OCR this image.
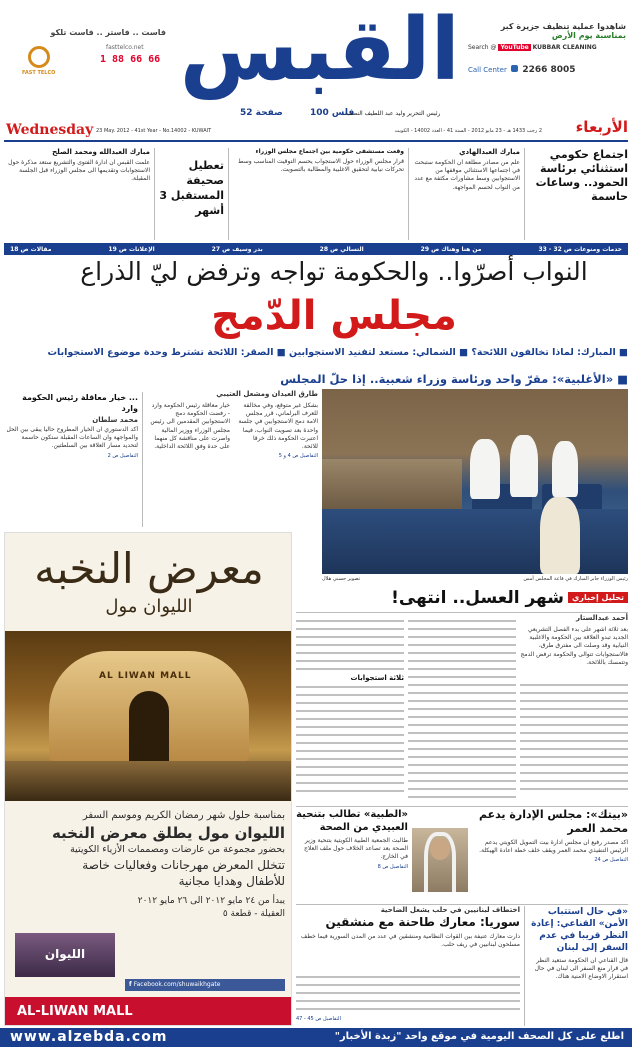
فاست .. فاستر .. فاست تلكو
FAST TELCO
fasttelco.net
1 88 66 66 القبس	شاهدوا عملية تنظيف جزيرة كبر
بمناسبة يوم الأرض
Search @ YouTube KUBBAR CLEANING
Call Center 2266 8005
52 صفحة	100 فلس
رئيس التحرير وليد عبد اللطيف النصف
Wednesday 23 May. 2012 - 41st Year - No.14002 - KUWAIT	الأربعاء
2 رجب 1433 هـ - 23 مايو 2012 - السنة 41 - العدد 14002 - الكويت
اجتماع حكومي استثنائي برئاسة الحمود.. وساعات حاسمة
مبارك العبدالهادي
علم من مصادر مطلعة ان الحكومة ستبحث في اجتماعها الاستثنائي موقفها من الاستجوابين وسط مشاورات مكثفة مع عدد من النواب لحسم المواجهة.
وقعت مستشفى حكومية بين اجتماع مجلس الوزراء
قرار مجلس الوزراء حول الاستجواب يحسم التوقيت المناسب وسط تحركات نيابية لتحقيق الاغلبية والمطالبة بالتصويت.
تعطيل صحيفة المستقبل 3 أشهر
مبارك العبدالله ومحمد الصلح
علمت القبس ان ادارة الفتوى والتشريع ستعد مذكرة حول الاستجوابات وتقديمها الى مجلس الوزراء قبل الجلسة المقبلة.
مقالات ص 18	الإعلانات ص 19	بدر وسيف ص 27	التسالي ص 28	من هنا وهناك ص 29	خدمات ومنوعات ص 32 - 33
النواب أصرّوا.. والحكومة تواجه وترفض ليّ الذراع
مجلس الدّمج
■ المبارك: لماذا تخالفون اللائحة؟ ■ الشمالي: مستعد لتفنيد الاستجوابين ■ الصقر: اللائحة تشترط وحدة موضوع الاستجوابات
■ «الأغلبية»: مقرّ واحد ورئاسة وزراء شعبية.. إذا حلّ المجلس
... خيار معاقلة رئيس الحكومة وارد
محمد سلطان
أكد الدستوري ان الخيار المطروح حاليا يبقى بين الحل والمواجهة وان الساعات المقبلة ستكون حاسمة لتحديد مسار العلاقة بين السلطتين.
التفاصيل ص 2
طارق العيدان ومشعل العتيبي
خيار معاقلة رئيس الحكومة وارد - رفضت الحكومة دمج الاستجوابين المقدمين الى رئيس مجلس الوزراء ووزير المالية واصرت على مناقشة كل منهما على حدة وفق اللائحة الداخلية.
بشكل غير متوقع، وفي مخالفة للعرف البرلماني، قرر مجلس الامة دمج الاستجوابين في جلسة واحدة بعد تصويت النواب، فيما اعتبرت الحكومة ذلك خرقا للائحة.
التفاصيل ص 4 و 5
رئيس الوزراء جابر المبارك في قاعة المجلس أمس
تصوير حسني هلال
معرض النخبه
الليوان مول
AL LIWAN MALL
بمناسبة حلول شهر رمضان الكريم وموسم السفر
الليوان مول يطلق معرض النخبه
بحضور مجموعة من عارضات ومصممات الأزياء الكويتية
تتخلل المعرض مهرجانات وفعاليات خاصة
للأطفال وهدايا مجانية
يبدأ من ٢٤ مايو ٢٠١٢ الى ٢٦ مايو ٢٠١٢
العقيلة - قطعة ٥
الليوان
f Facebook.com/shuwaikhgate
AL-LIWAN MALL
تحليل إخباري
شهر العسل.. انتهى!
أحمد عبدالستار
بعد ثلاثة اشهر على بدء الفصل التشريعي الجديد تبدو العلاقة بين الحكومة والاغلبية النيابية وقد وصلت الى مفترق طرق، فالاستجوابات تتوالى والحكومة ترفض الدمج وتتمسك باللائحة.
ثلاثة استجوابات
«بيتك»: مجلس الإدارة يدعم محمد العمر
اكد مصدر رفيع ان مجلس ادارة بيت التمويل الكويتي يدعم الرئيس التنفيذي محمد العمر ويقف خلف خطة اعادة الهيكلة.
التفاصيل ص 24
«الطبية» تطالب بتنحية العبيدي من الصحة
طالبت الجمعية الطبية الكويتية بتنحية وزير الصحة بعد تصاعد الخلاف حول ملف العلاج في الخارج.
التفاصيل ص 8
«في حال استتباب الأمن» القناعي: إعادة النظر قريبا في عدم السفر إلى لبنان
قال القناعي ان الحكومة ستعيد النظر في قرار منع السفر الى لبنان في حال استقرار الاوضاع الامنية هناك.
اختطاف لبنانيين في حلب يشعل الضاحية
سوريا: معارك طاحنة مع منشقين
دارت معارك عنيفة بين القوات النظامية ومنشقين في عدد من المدن السورية فيما خطف مسلحون لبنانيين في ريف حلب.
التفاصيل ص 45 - 47
www.alzebda.com	اطلع على كل الصحف اليومية في موقع واحد "زبدة الأخبار"
